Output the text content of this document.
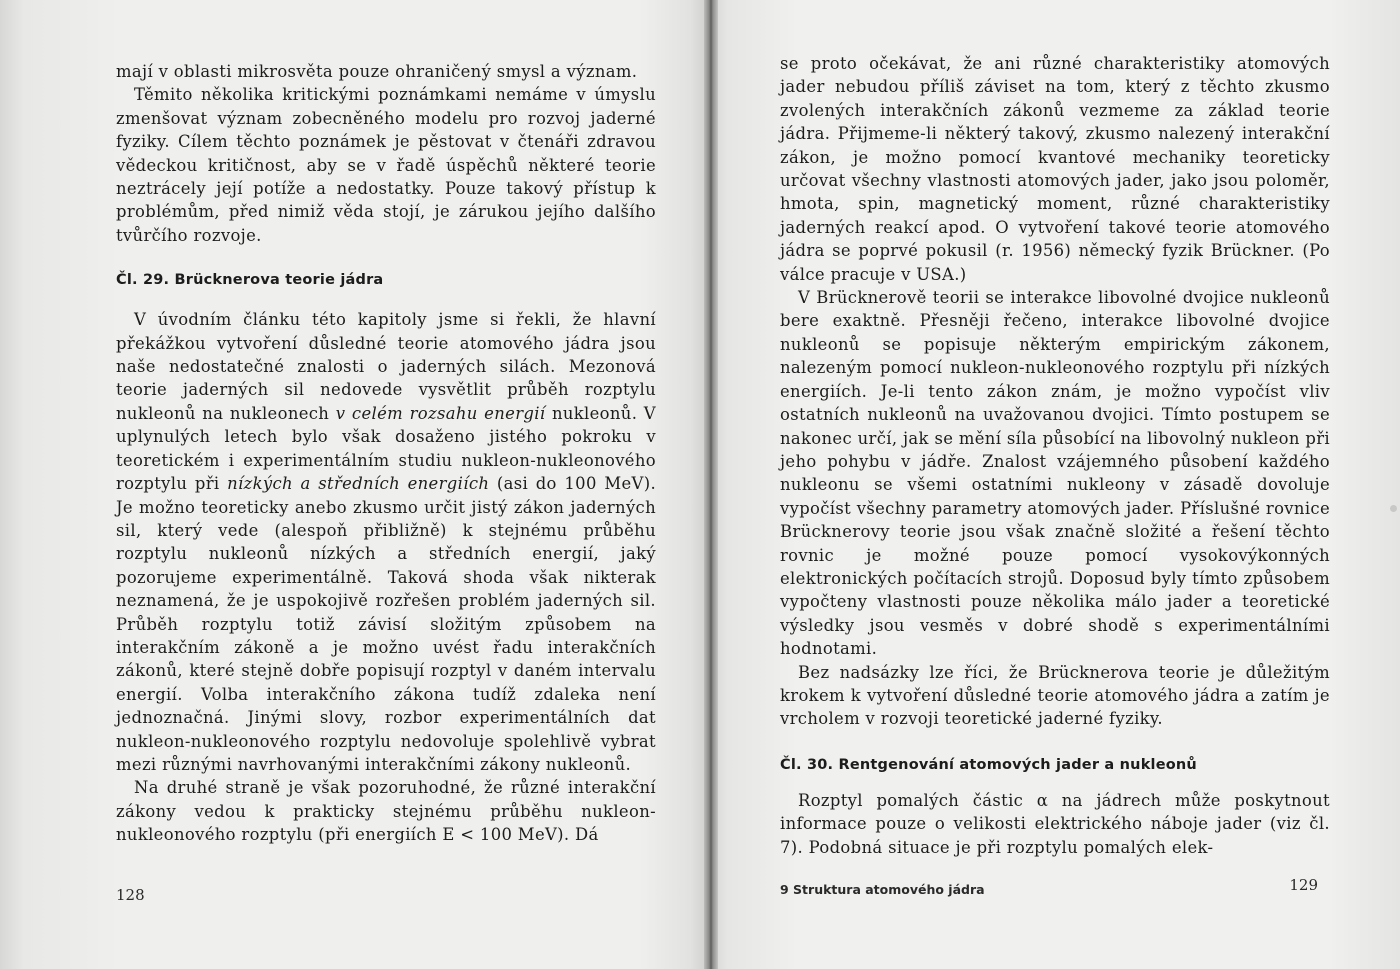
mají v oblasti mikrosvěta pouze ohraničený smysl a význam.

Těmito několika kritickými poznámkami nemáme v úmyslu zmenšovat význam zobecněného modelu pro rozvoj jaderné fyziky. Cílem těchto poznámek je pěstovat v čtenáři zdravou vědeckou kritičnost, aby se v řadě úspěchů některé teorie neztrácely její potíže a nedostatky. Pouze takový přístup k problémům, před nimiž věda stojí, je zárukou jejího dalšího tvůrčího rozvoje.

Čl. 29. Brücknerova teorie jádra

V úvodním článku této kapitoly jsme si řekli, že hlavní překážkou vytvoření důsledné teorie atomového jádra jsou naše nedostatečné znalosti o jaderných silách. Mezonová teorie jaderných sil nedovede vysvětlit průběh rozptylu nukleonů na nukleonech v celém rozsahu energií nukleonů. V uplynulých letech bylo však dosaženo jistého pokroku v teoretickém i experimentálním studiu nukleon-nukleonového rozptylu při nízkých a středních energiích (asi do 100 MeV). Je možno teoreticky anebo zkusmo určit jistý zákon jaderných sil, který vede (alespoň přibližně) k stejnému průběhu rozptylu nukleonů nízkých a středních energií, jaký pozorujeme experimentálně. Taková shoda však nikterak neznamená, že je uspokojivě rozřešen problém jaderných sil. Průběh rozptylu totiž závisí složitým způsobem na interakčním zákoně a je možno uvést řadu interakčních zákonů, které stejně dobře popisují rozptyl v daném intervalu energií. Volba interakčního zákona tudíž zdaleka není jednoznačná. Jinými slovy, rozbor experimentálních dat nukleon-nukleonového rozptylu nedovoluje spolehlivě vybrat mezi různými navrhovanými interakčními zákony nukleonů.

Na druhé straně je však pozoruhodné, že různé interakční zákony vedou k prakticky stejnému průběhu nukleon-nukleonového rozptylu (při energiích E < 100 MeV). Dá

128

se proto očekávat, že ani různé charakteristiky atomových jader nebudou příliš záviset na tom, který z těchto zkusmo zvolených interakčních zákonů vezmeme za základ teorie jádra. Přijmeme-li některý takový, zkusmo nalezený interakční zákon, je možno pomocí kvantové mechaniky teoreticky určovat všechny vlastnosti atomových jader, jako jsou poloměr, hmota, spin, magnetický moment, různé charakteristiky jaderných reakcí apod. O vytvoření takové teorie atomového jádra se poprvé pokusil (r. 1956) německý fyzik Brückner. (Po válce pracuje v USA.)

V Brücknerově teorii se interakce libovolné dvojice nukleonů bere exaktně. Přesněji řečeno, interakce libovolné dvojice nukleonů se popisuje některým empirickým zákonem, nalezeným pomocí nukleon-nukleonového rozptylu při nízkých energiích. Je-li tento zákon znám, je možno vypočíst vliv ostatních nukleonů na uvažovanou dvojici. Tímto postupem se nakonec určí, jak se mění síla působící na libovolný nukleon při jeho pohybu v jádře. Znalost vzájemného působení každého nukleonu se všemi ostatními nukleony v zásadě dovoluje vypočíst všechny parametry atomových jader. Příslušné rovnice Brücknerovy teorie jsou však značně složité a řešení těchto rovnic je možné pouze pomocí vysokovýkonných elektronických počítacích strojů. Doposud byly tímto způsobem vypočteny vlastnosti pouze několika málo jader a teoretické výsledky jsou vesměs v dobré shodě s experimentálními hodnotami.

Bez nadsázky lze říci, že Brücknerova teorie je důležitým krokem k vytvoření důsledné teorie atomového jádra a zatím je vrcholem v rozvoji teoretické jaderné fyziky.

Čl. 30. Rentgenování atomových jader a nukleonů

Rozptyl pomalých částic α na jádrech může poskytnout informace pouze o velikosti elektrického náboje jader (viz čl. 7). Podobná situace je při rozptylu pomalých elek-

9 Struktura atomového jádra	129
